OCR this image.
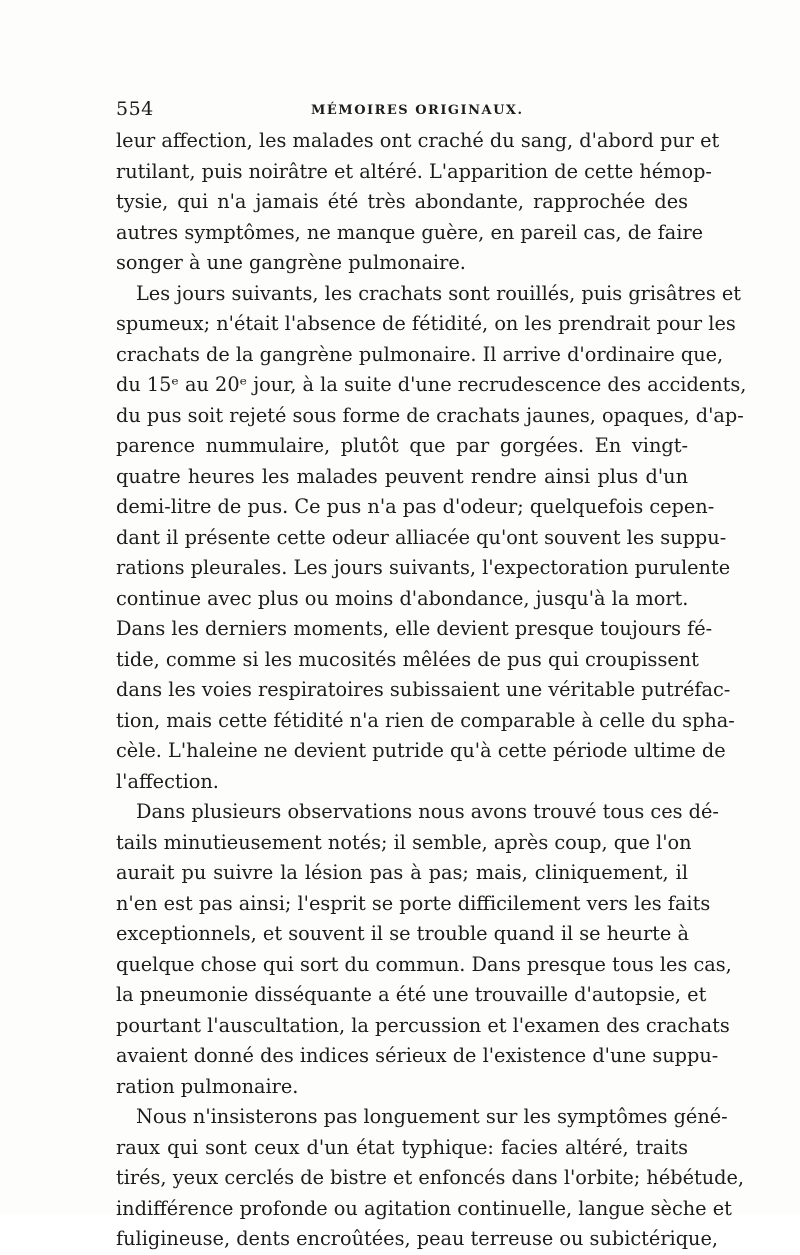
554	MÉMOIRES ORIGINAUX.
leur affection, les malades ont craché du sang, d'abord pur et
rutilant, puis noirâtre et altéré. L'apparition de cette hémop-
tysie, qui n'a jamais été très abondante, rapprochée des
autres symptômes, ne manque guère, en pareil cas, de faire
songer à une gangrène pulmonaire.
Les jours suivants, les crachats sont rouillés, puis grisâtres et
spumeux; n'était l'absence de fétidité, on les prendrait pour les
crachats de la gangrène pulmonaire. Il arrive d'ordinaire que,
du 15ᵉ au 20ᵉ jour, à la suite d'une recrudescence des accidents,
du pus soit rejeté sous forme de crachats jaunes, opaques, d'ap-
parence nummulaire, plutôt que par gorgées. En vingt-
quatre heures les malades peuvent rendre ainsi plus d'un
demi-litre de pus. Ce pus n'a pas d'odeur; quelquefois cepen-
dant il présente cette odeur alliacée qu'ont souvent les suppu-
rations pleurales. Les jours suivants, l'expectoration purulente
continue avec plus ou moins d'abondance, jusqu'à la mort.
Dans les derniers moments, elle devient presque toujours fé-
tide, comme si les mucosités mêlées de pus qui croupissent
dans les voies respiratoires subissaient une véritable putréfac-
tion, mais cette fétidité n'a rien de comparable à celle du spha-
cèle. L'haleine ne devient putride qu'à cette période ultime de
l'affection.
Dans plusieurs observations nous avons trouvé tous ces dé-
tails minutieusement notés; il semble, après coup, que l'on
aurait pu suivre la lésion pas à pas; mais, cliniquement, il
n'en est pas ainsi; l'esprit se porte difficilement vers les faits
exceptionnels, et souvent il se trouble quand il se heurte à
quelque chose qui sort du commun. Dans presque tous les cas,
la pneumonie disséquante a été une trouvaille d'autopsie, et
pourtant l'auscultation, la percussion et l'examen des crachats
avaient donné des indices sérieux de l'existence d'une suppu-
ration pulmonaire.
Nous n'insisterons pas longuement sur les symptômes géné-
raux qui sont ceux d'un état typhique: facies altéré, traits
tirés, yeux cerclés de bistre et enfoncés dans l'orbite; hébétude,
indifférence profonde ou agitation continuelle, langue sèche et
fuligineuse, dents encroûtées, peau terreuse ou subictérique,
